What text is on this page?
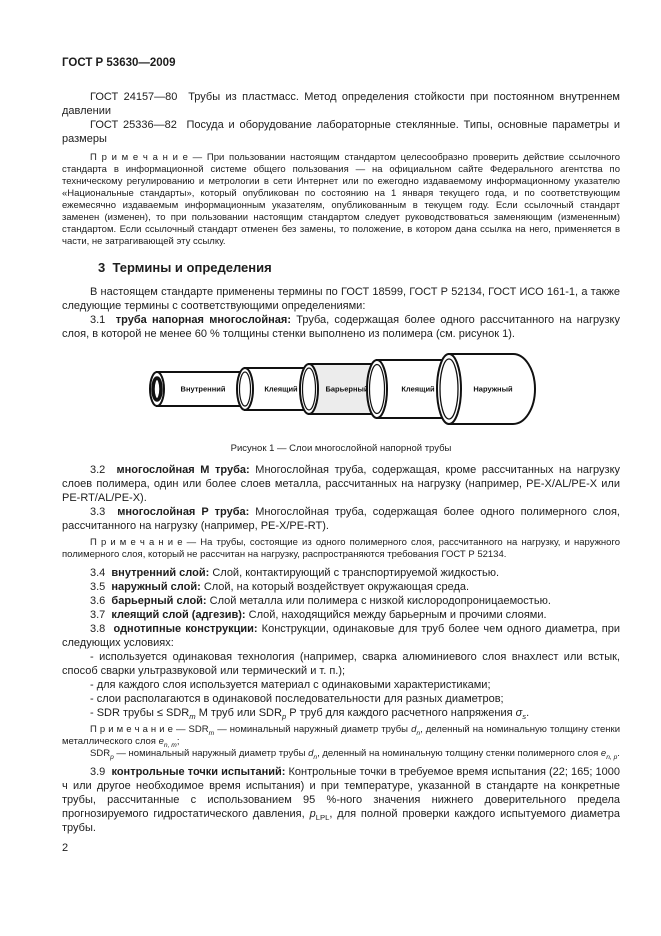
ГОСТ Р 53630—2009

ГОСТ 24157—80  Трубы из пластмасс. Метод определения стойкости при постоянном внутреннем давлении

ГОСТ 25336—82  Посуда и оборудование лабораторные стеклянные. Типы, основные параметры и размеры

П р и м е ч а н и е — При пользовании настоящим стандартом целесообразно проверить действие ссылочного стандарта в информационной системе общего пользования — на официальном сайте Федерального агентства по техническому регулированию и метрологии в сети Интернет или по ежегодно издаваемому информационному указателю «Национальные стандарты», который опубликован по состоянию на 1 января текущего года, и по соответствующим ежемесячно издаваемым информационным указателям, опубликованным в текущем году. Если ссылочный стандарт заменен (изменен), то при пользовании настоящим стандартом следует руководствоваться заменяющим (измененным) стандартом. Если ссылочный стандарт отменен без замены, то положение, в котором дана ссылка на него, применяется в части, не затрагивающей эту ссылку.

3  Термины и определения

В настоящем стандарте применены термины по ГОСТ 18599, ГОСТ Р 52134, ГОСТ ИСО 161-1, а также следующие термины с соответствующими определениями:

3.1  труба напорная многослойная: Труба, содержащая более одного рассчитанного на нагрузку слоя, в которой не менее 60 % толщины стенки выполнено из полимера (см. рисунок 1).

Внутренний	Клеящий	Барьерный	Клеящий	Наружный
Рисунок 1 — Слои многослойной напорной трубы

3.2  многослойная М труба: Многослойная труба, содержащая, кроме рассчитанных на нагрузку слоев полимера, один или более слоев металла, рассчитанных на нагрузку (например, PE-X/AL/PE-X или PE-RT/AL/PE-X).

3.3  многослойная Р труба: Многослойная труба, содержащая более одного полимерного слоя, рассчитанного на нагрузку (например, PE-X/PE-RT).

П р и м е ч а н и е — На трубы, состоящие из одного полимерного слоя, рассчитанного на нагрузку, и наружного полимерного слоя, который не рассчитан на нагрузку, распространяются требования ГОСТ Р 52134.

3.4  внутренний слой: Слой, контактирующий с транспортируемой жидкостью.

3.5  наружный слой: Слой, на который воздействует окружающая среда.

3.6  барьерный слой: Слой металла или полимера с низкой кислородопроницаемостью.

3.7  клеящий слой (адгезив): Слой, находящийся между барьерным и прочими слоями.

3.8  однотипные конструкции: Конструкции, одинаковые для труб более чем одного диаметра, при следующих условиях:

- используется одинаковая технология (например, сварка алюминиевого слоя внахлест или встык, способ сварки ультразвуковой или термический и т. п.);

- для каждого слоя используется материал с одинаковыми характеристиками;

- слои располагаются в одинаковой последовательности для разных диаметров;

- SDR трубы ≤ $SDR_m$ М труб или $SDR_p$ Р труб для каждого расчетного напряжения $\sigma_s$.

П р и м е ч а н и е — $SDR_m$ — номинальный наружный диаметр трубы $d_n$, деленный на номинальную толщину стенки металлического слоя $e_{n, m}$;

$SDR_p$ — номинальный наружный диаметр трубы $d_n$, деленный на номинальную толщину стенки полимерного слоя $e_{n, p}$.

3.9  контрольные точки испытаний: Контрольные точки в требуемое время испытания (22; 165; 1000 ч или другое необходимое время испытания) и при температуре, указанной в стандарте на конкретные трубы, рассчитанные с использованием 95 %-ного значения нижнего доверительного предела прогнозируемого гидростатического давления, $p_{LPL}$, для полной проверки каждого испытуемого диаметра трубы.

2
